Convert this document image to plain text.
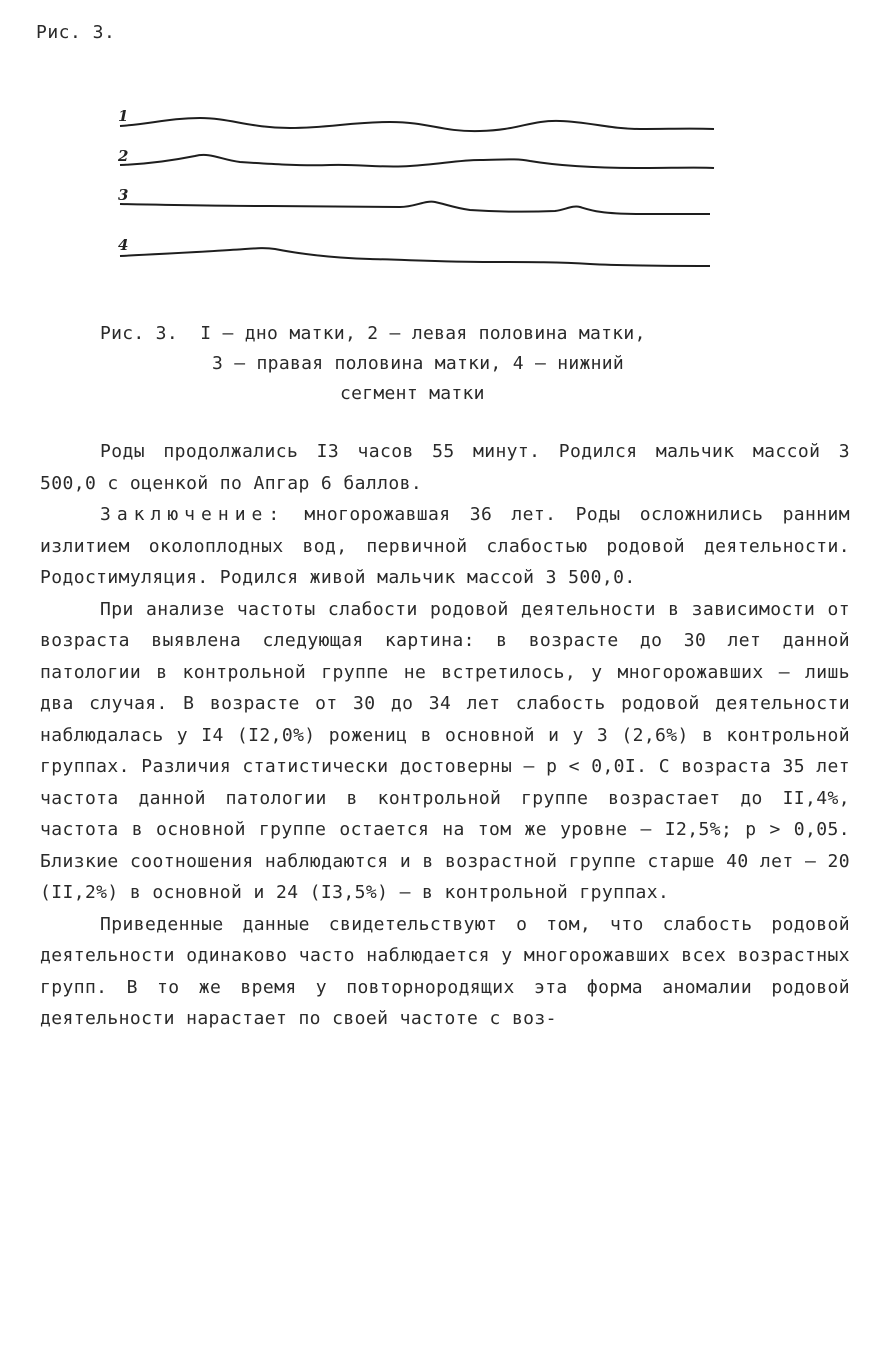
Рис. 3.
1
2
3
4
Рис. 3.  I – дно матки, 2 – левая половина матки,
3 – правая половина матки, 4 – нижний
сегмент матки

Роды продолжались I3 часов 55 минут. Родился мальчик массой 3 500,0 с оценкой по Апгар 6 баллов.

Заключение: многорожавшая 36 лет. Роды осложнились ранним излитием околоплодных вод, первичной слабостью родовой деятельности. Родостимуляция. Родился живой мальчик массой 3 500,0.

При анализе частоты слабости родовой деятельности в зависимости от возраста выявлена следующая картина: в возрасте до 30 лет данной патологии в контрольной группе не встретилось, у многорожавших – лишь два случая. В возрасте от 30 до 34 лет слабость родовой деятельности наблюдалась у I4 (I2,0%) рожениц в основной и у 3 (2,6%) в контрольной группах. Различия статистически достоверны – p < 0,0I. С возраста 35 лет частота данной патологии в контрольной группе возрастает до II,4%, частота в основной группе остается на том же уровне – I2,5%; p > 0,05. Близкие соотношения наблюдаются и в возрастной группе старше 40 лет – 20 (II,2%) в основной и 24 (I3,5%) – в контрольной группах.

Приведенные данные свидетельствуют о том, что слабость родовой деятельности одинаково часто наблюдается у многорожавших всех возрастных групп. В то же время у повторнородящих эта форма аномалии родовой деятельности нарастает по своей частоте с воз-
